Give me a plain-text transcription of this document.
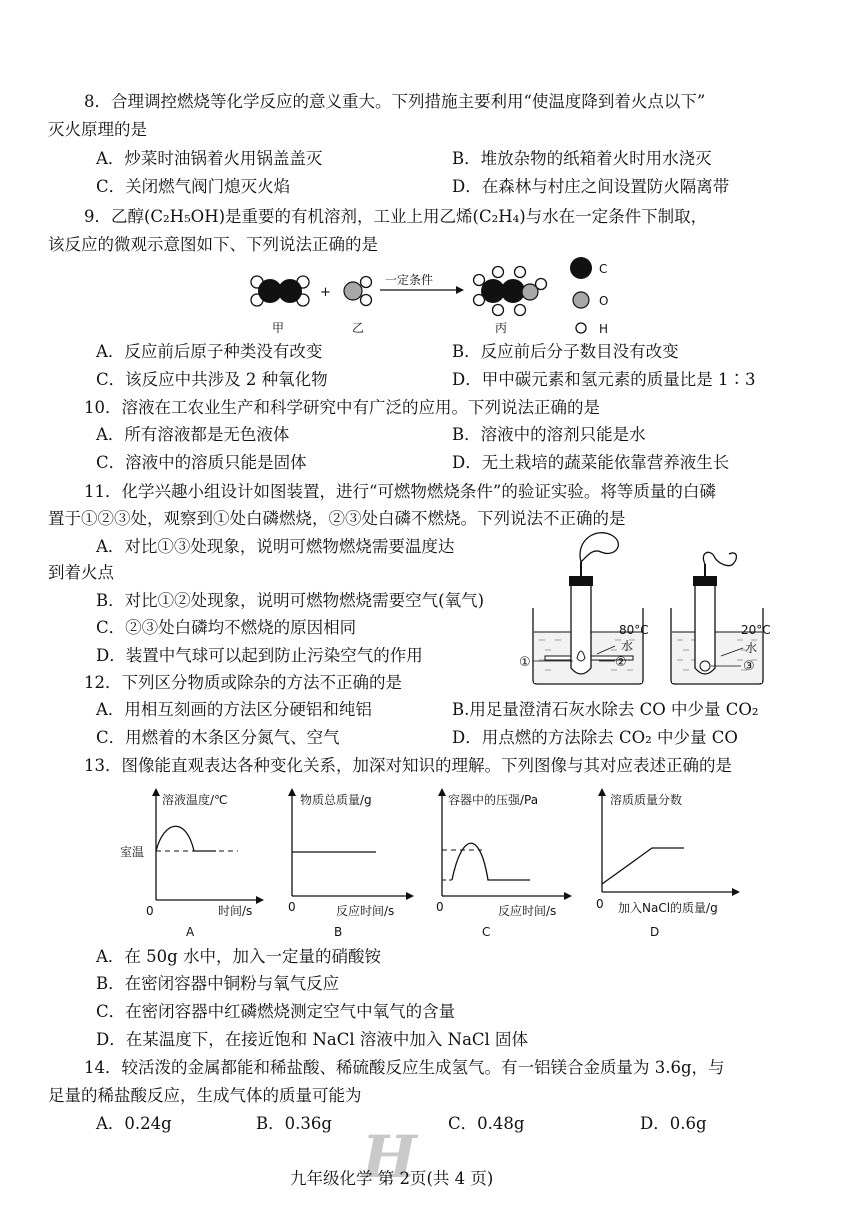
8．合理调控燃烧等化学反应的意义重大。下列措施主要利用“使温度降到着火点以下”
灭火原理的是
A．炒菜时油锅着火用锅盖盖灭	B．堆放杂物的纸箱着火时用水浇灭
C．关闭燃气阀门熄灭火焰	D．在森林与村庄之间设置防火隔离带
9．乙醇(C₂H₅OH)是重要的有机溶剂，工业上用乙烯(C₂H₄)与水在一定条件下制取，
该反应的微观示意图如下、下列说法正确的是
+
一定条件
C
O
H
甲	乙	丙
A．反应前后原子种类没有改变	B．反应前后分子数目没有改变
C．该反应中共涉及 2 种氧化物	D．甲中碳元素和氢元素的质量比是 1∶3
10．溶液在工农业生产和科学研究中有广泛的应用。下列说法正确的是
A．所有溶液都是无色液体	B．溶液中的溶剂只能是水
C．溶液中的溶质只能是固体	D．无土栽培的蔬菜能依靠营养液生长
11．化学兴趣小组设计如图装置，进行“可燃物燃烧条件”的验证实验。将等质量的白磷
置于①②③处，观察到①处白磷燃烧，②③处白磷不燃烧。下列说法不正确的是
A．对比①③处现象，说明可燃物燃烧需要温度达
到着火点
B．对比①②处现象，说明可燃物燃烧需要空气(氧气)
C．②③处白磷均不燃烧的原因相同
D．装置中气球可以起到防止污染空气的作用
80°C
水
①	②
20°C
水
③
12．下列区分物质或除杂的方法不正确的是
A．用相互刻画的方法区分硬铝和纯铝	B.用足量澄清石灰水除去 CO 中少量 CO₂
C．用燃着的木条区分氮气、空气	D．用点燃的方法除去 CO₂ 中少量 CO
13．图像能直观表达各种变化关系，加深对知识的理解。下列图像与其对应表述正确的是
溶液温度/℃
室温
0	时间/s
A
物质总质量/g
0	反应时间/s
B
容器中的压强/Pa
0	反应时间/s
C
溶质质量分数
0 加入NaCl的质量/g
D
A．在 50g 水中，加入一定量的硝酸铵
B．在密闭容器中铜粉与氧气反应
C．在密闭容器中红磷燃烧测定空气中氧气的含量
D．在某温度下，在接近饱和 NaCl 溶液中加入 NaCl 固体
14．较活泼的金属都能和稀盐酸、稀硫酸反应生成氢气。有一铝镁合金质量为 3.6g，与
足量的稀盐酸反应，生成气体的质量可能为
A．0.24g	B．0.36g	C．0.48g	D．0.6g
H
九年级化学 第 2页(共 4 页)
